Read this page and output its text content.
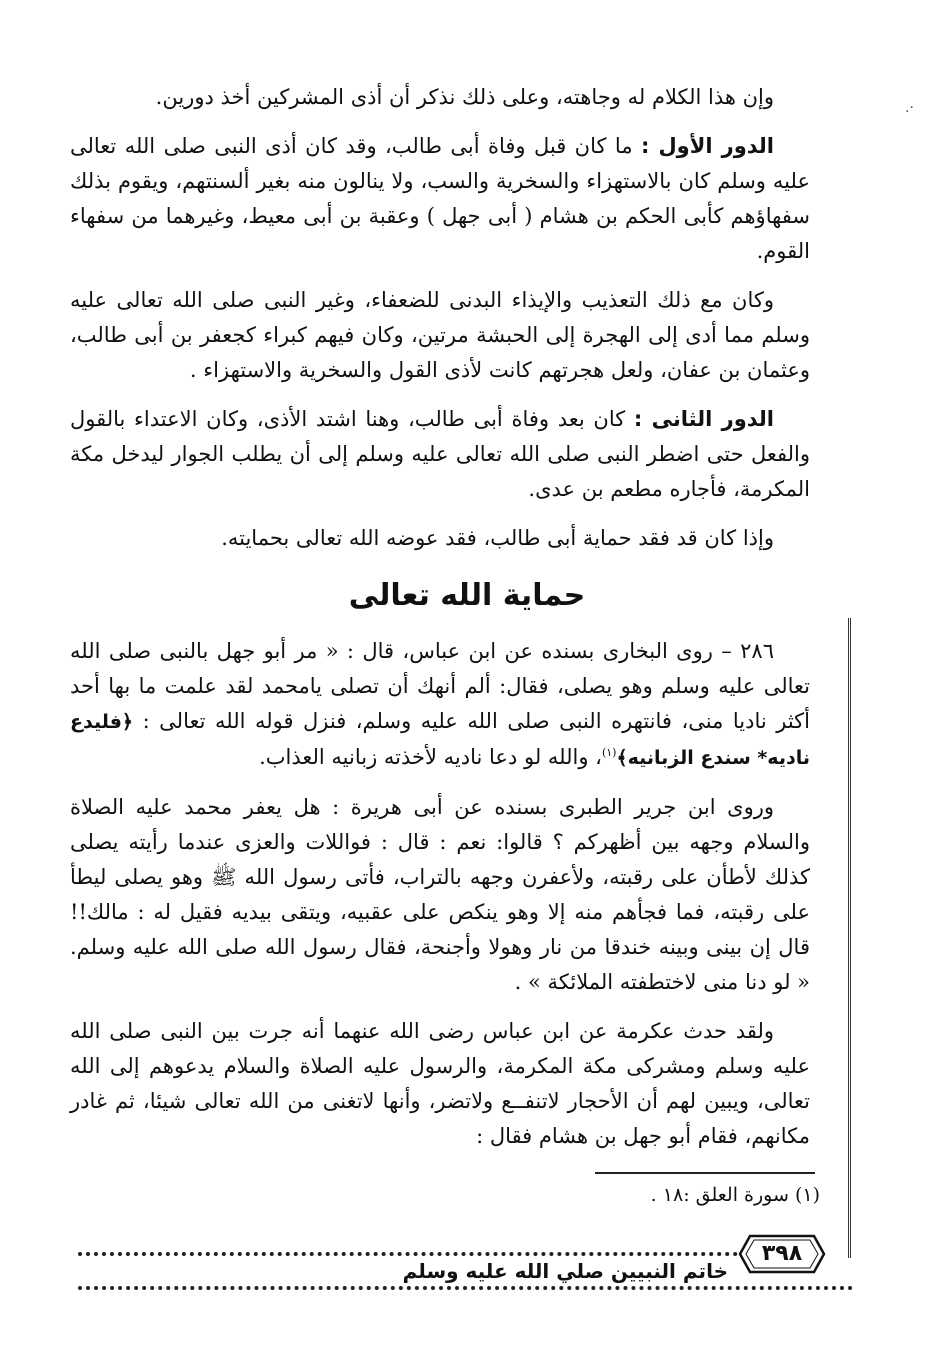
·.

وإن هذا الكلام له وجاهته، وعلى ذلك نذكر أن أذى المشركين أخذ دورين.

الدور الأول : ما كان قبل وفاة أبى طالب، وقد كان أذى النبى صلى الله تعالى عليه وسلم كان بالاستهزاء والسخرية والسب، ولا ينالون منه بغير ألسنتهم، ويقوم بذلك سفهاؤهم كأبى الحكم بن هشام ( أبى جهل ) وعقبة بن أبى معيط، وغيرهما من سفهاء القوم.

وكان مع ذلك التعذيب والإيذاء البدنى للضعفاء، وغير النبى صلى الله تعالى عليه وسلم مما أدى إلى الهجرة إلى الحبشة مرتين، وكان فيهم كبراء كجعفر بن أبى طالب، وعثمان بن عفان، ولعل هجرتهم كانت لأذى القول والسخرية والاستهزاء .

الدور الثانى : كان بعد وفاة أبى طالب، وهنا اشتد الأذى، وكان الاعتداء بالقول والفعل حتى اضطر النبى صلى الله تعالى عليه وسلم إلى أن يطلب الجوار ليدخل مكة المكرمة، فأجاره مطعم بن عدى.

وإذا كان قد فقد حماية أبى طالب، فقد عوضه الله تعالى بحمايته.

حماية الله تعالى

٢٨٦ – روى البخارى بسنده عن ابن عباس، قال : « مر أبو جهل بالنبى صلى الله تعالى عليه وسلم وهو يصلى، فقال: ألم أنهك أن تصلى يامحمد لقد علمت ما بها أحد أكثر ناديا منى، فانتهره النبى صلى الله عليه وسلم، فنزل قوله الله تعالى : ﴿فليدع ناديه* سندع الزبانيه﴾$^{(١)}$، والله لو دعا ناديه لأخذته زبانيه العذاب.

وروى ابن جرير الطبرى بسنده عن أبى هريرة : هل يعفر محمد عليه الصلاة والسلام وجهه بين أظهركم ؟ قالوا: نعم : قال : فواللات والعزى عندما رأيته يصلى كذلك لأطأن على رقبته، ولأعفرن وجهه بالتراب، فأتى رسول الله ﷺ وهو يصلى ليطأ على رقبته، فما فجأهم منه إلا وهو ينكص على عقبيه، ويتقى بيديه فقيل له : مالك!! قال إن بينى وبينه خندقا من نار وهولا وأجنحة، فقال رسول الله صلى الله عليه وسلم. « لو دنا منى لاختطفته الملائكة » .

ولقد حدث عكرمة عن ابن عباس رضى الله عنهما أنه جرت بين النبى صلى الله عليه وسلم ومشركى مكة المكرمة، والرسول عليه الصلاة والسلام يدعوهم إلى الله تعالى، ويبين لهم أن الأحجار لاتنفــع ولاتضر، وأنها لاتغنى من الله تعالى شيئا، ثم غادر مكانهم، فقام أبو جهل بن هشام فقال :

(١) سورة العلق :١٨ .
خاتم النبيين صلي الله عليه وسلم
٣٩٨
